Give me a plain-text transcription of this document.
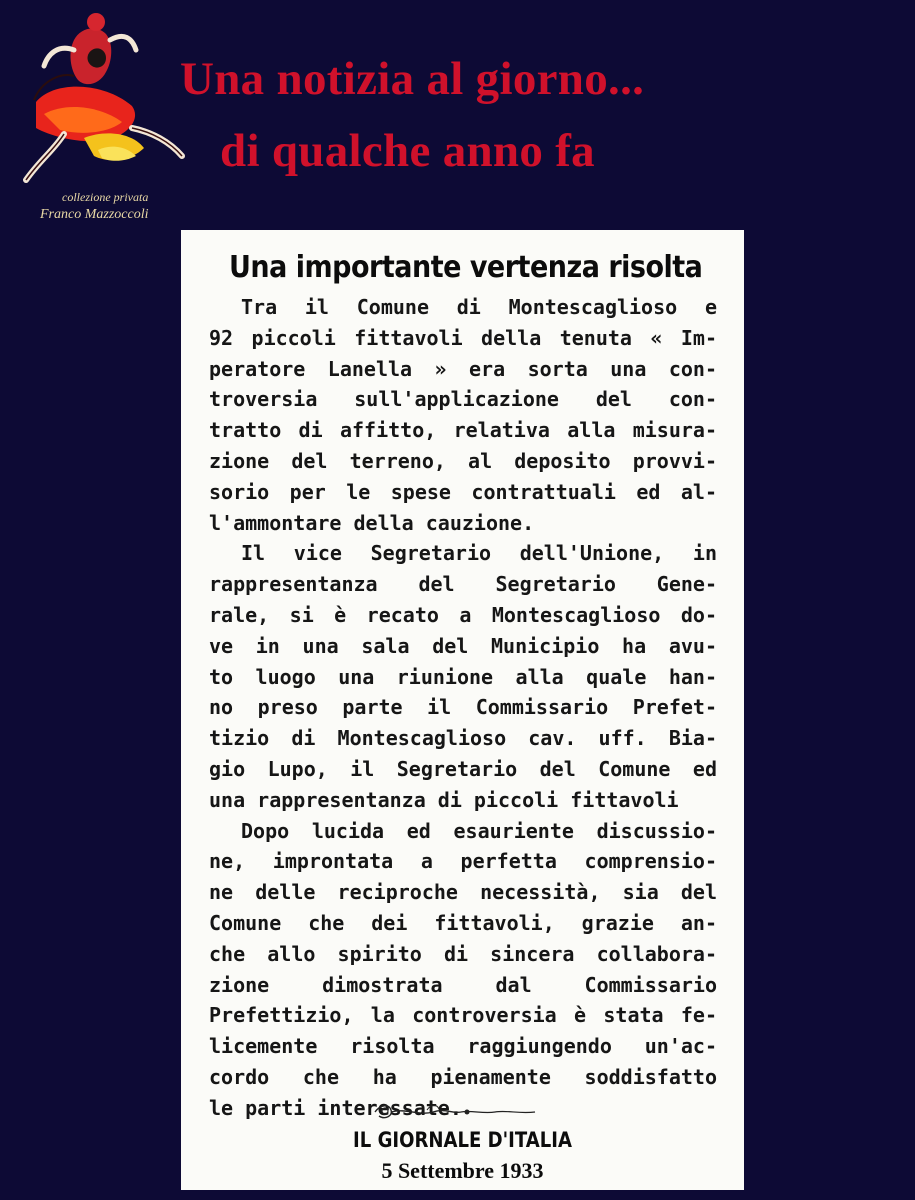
collezione privata
Franco Mazzoccoli
Una notizia al giorno...
di qualche anno fa
Una importante vertenza risolta
Tra il Comune di Montescaglioso e
92 piccoli fittavoli della tenuta « Im-
peratore Lanella » era sorta una con-
troversia sull'applicazione del con-
tratto di affitto, relativa alla misura-
zione del terreno, al deposito provvi-
sorio per le spese contrattuali ed al-
l'ammontare della cauzione.
Il vice Segretario dell'Unione, in
rappresentanza del Segretario Gene-
rale, si è recato a Montescaglioso do-
ve in una sala del Municipio ha avu-
to luogo una riunione alla quale han-
no preso parte il Commissario Prefet-
tizio di Montescaglioso cav. uff. Bia-
gio Lupo, il Segretario del Comune ed
una rappresentanza di piccoli fittavoli
Dopo lucida ed esauriente discussio-
ne, improntata a perfetta comprensio-
ne delle reciproche necessità, sia del
Comune che dei fittavoli, grazie an-
che allo spirito di sincera collabora-
zione dimostrata dal Commissario
Prefettizio, la controversia è stata fe-
licemente risolta raggiungendo un'ac-
cordo che ha pienamente soddisfatto
le parti interessate.
IL GIORNALE D'ITALIA
5 Settembre 1933
